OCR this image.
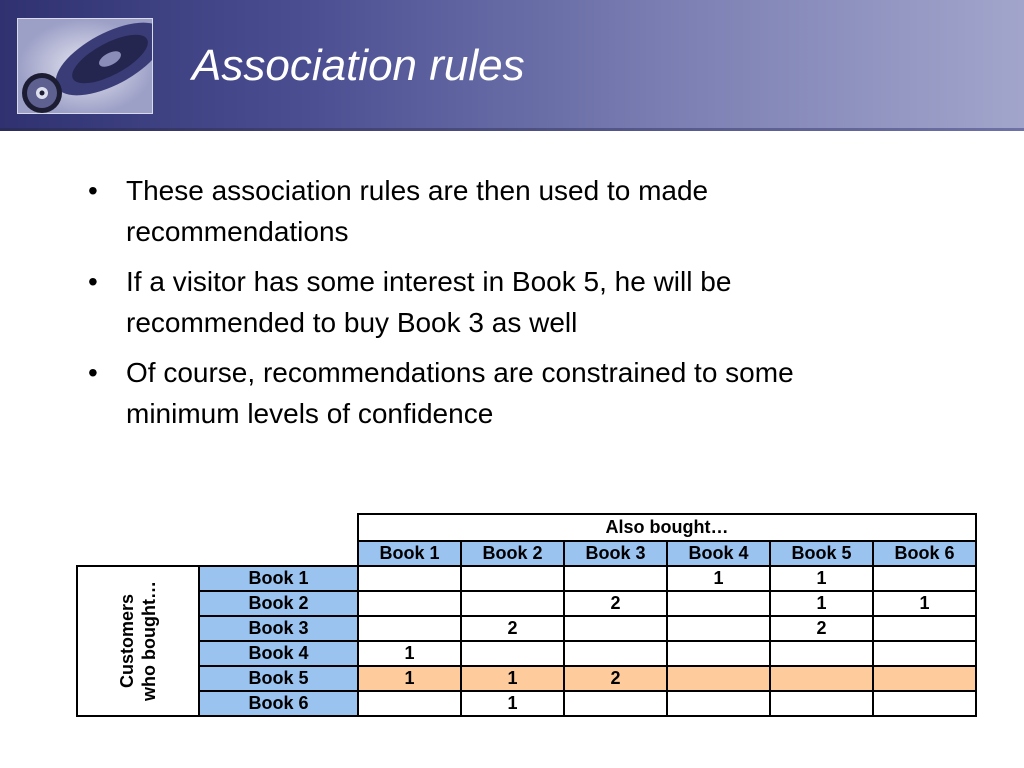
Association rules
• These association rules are then used to made recommendations
• If a visitor has some interest in Book 5, he will be recommended to buy Book 3 as well
• Of course, recommendations are constrained to some minimum levels of confidence
		Also bought…					
		Book 1	Book 2	Book 3	Book 4	Book 5	Book 6
Customers who bought…	Book 1				1	1	
	Book 2			2		1	1
	Book 3		2			2	
	Book 4	1					
	Book 5	1	1	2			
	Book 6		1				
